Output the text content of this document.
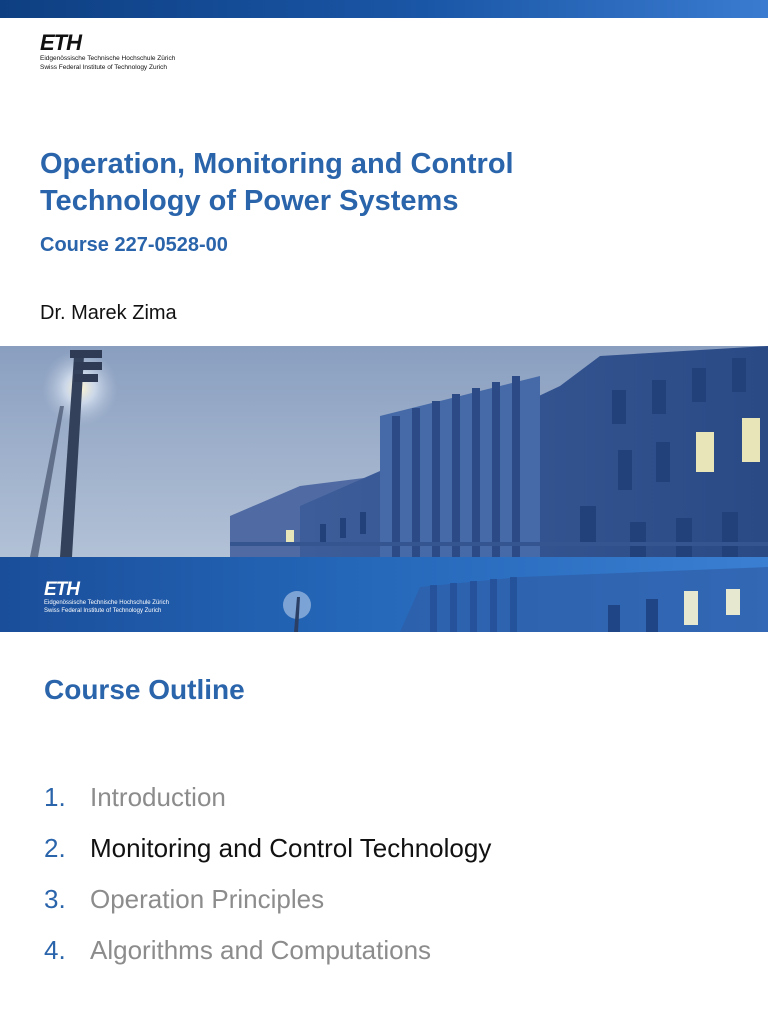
ETH
Eidgenössische Technische Hochschule Zürich
Swiss Federal Institute of Technology Zurich
Operation, Monitoring and Control
Technology of Power Systems
Course 227-0528-00
Dr. Marek Zima
ETH
Eidgenössische Technische Hochschule Zürich
Swiss Federal Institute of Technology Zurich
Course Outline
1. Introduction
2. Monitoring and Control Technology
3. Operation Principles
4. Algorithms and Computations
